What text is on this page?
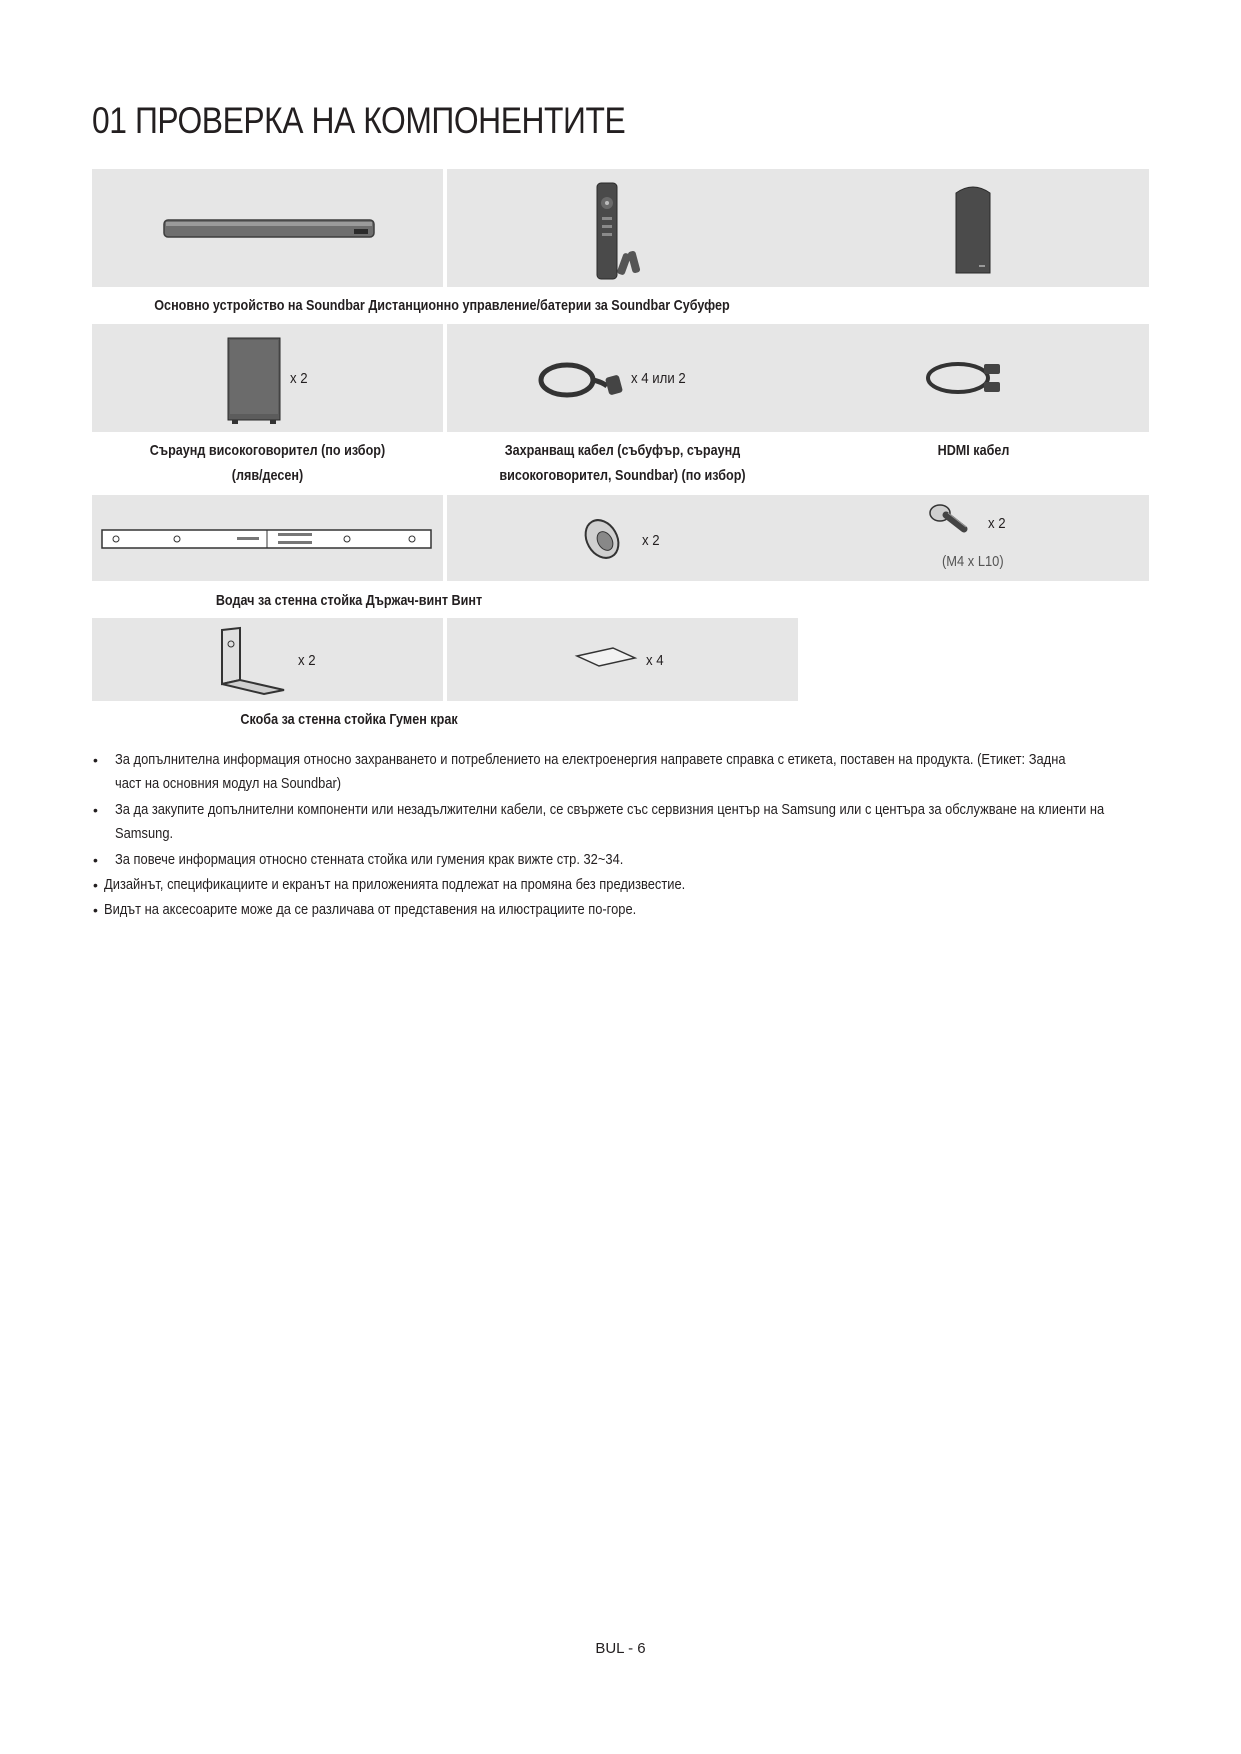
01 ПРОВЕРКА НА КОМПОНЕНТИТЕ
Основно устройство на Soundbar Дистанционно управление/батерии за Soundbar Субуфер
x 2	x 4 или 2
Съраунд високоговорител (по избор)
(ляв/десен)
Захранващ кабел (събуфър, съраунд
високоговорител, Soundbar) (по избор)
HDMI кабел
x 2
x 2
(M4 x L10)
Водач за стенна стойка Държач-винт Винт
x 2	x 4
Скоба за стенна стойка Гумен крак
• За допълнителна информация относно захранването и потреблението на електроенергия направете справка с етикета, поставен на продукта. (Етикет: Задна
част на основния модул на Soundbar)
• За да закупите допълнителни компоненти или незадължителни кабели, се свържете със сервизния център на Samsung или с центъра за обслужване на клиенти на
Samsung.
• За повече информация относно стенната стойка или гумения крак вижте стр. 32~34.
• Дизайнът, спецификациите и екранът на приложенията подлежат на промяна без предизвестие.
• Видът на аксесоарите може да се различава от представения на илюстрациите по-горе.
BUL - 6
